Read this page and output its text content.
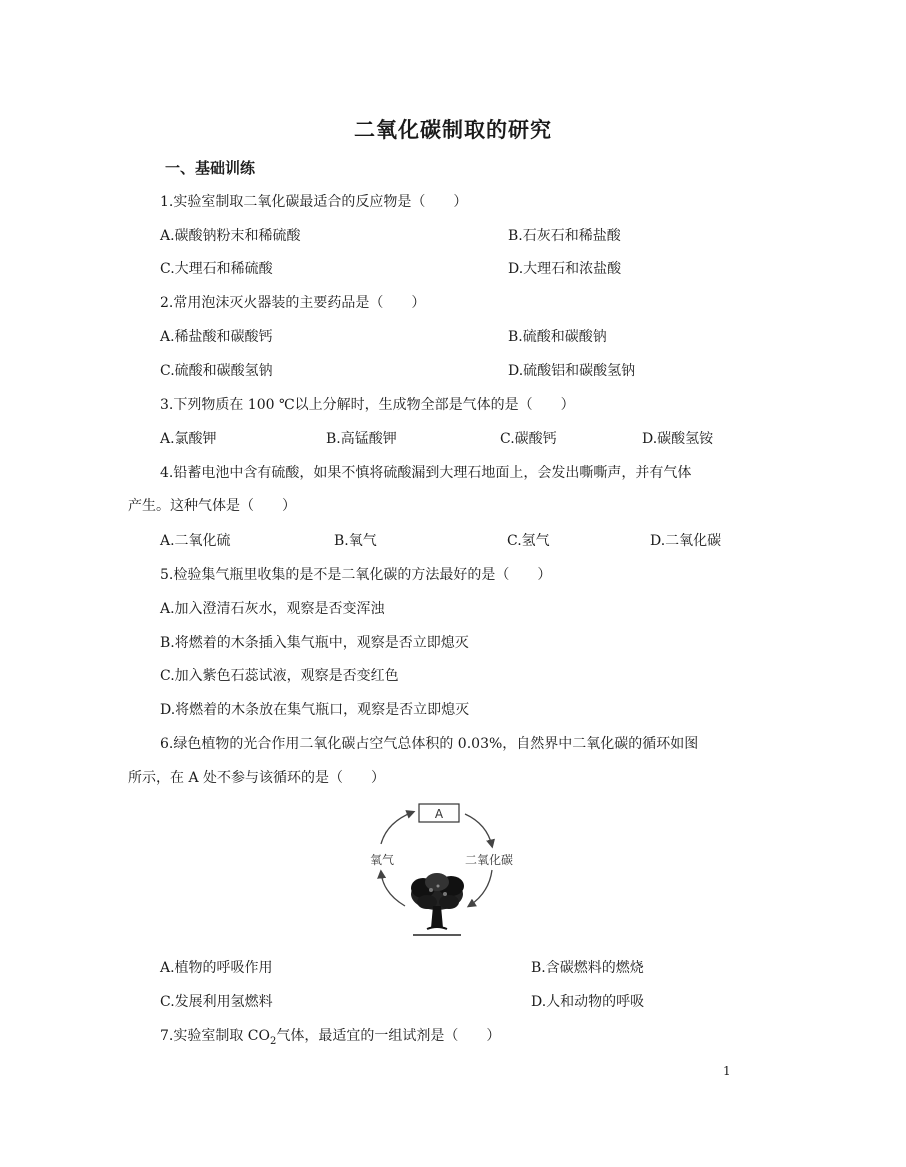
二氧化碳制取的研究
一、基础训练
1.实验室制取二氧化碳最适合的反应物是（　　）
A.碳酸钠粉末和稀硫酸	B.石灰石和稀盐酸
C.大理石和稀硫酸	D.大理石和浓盐酸
2.常用泡沫灭火器装的主要药品是（　　）
A.稀盐酸和碳酸钙	B.硫酸和碳酸钠
C.硫酸和碳酸氢钠	D.硫酸铝和碳酸氢钠
3.下列物质在 100 ℃以上分解时，生成物全部是气体的是（　　）
A.氯酸钾	B.高锰酸钾	C.碳酸钙	D.碳酸氢铵
4.铅蓄电池中含有硫酸，如果不慎将硫酸漏到大理石地面上，会发出嘶嘶声，并有气体
产生。这种气体是（　　）
A.二氧化硫	B.氧气	C.氢气	D.二氧化碳
5.检验集气瓶里收集的是不是二氧化碳的方法最好的是（　　）
A.加入澄清石灰水，观察是否变浑浊
B.将燃着的木条插入集气瓶中，观察是否立即熄灭
C.加入紫色石蕊试液，观察是否变红色
D.将燃着的木条放在集气瓶口，观察是否立即熄灭
6.绿色植物的光合作用二氧化碳占空气总体积的 0.03%，自然界中二氧化碳的循环如图
所示，在 A 处不参与该循环的是（　　）
A
氧气	二氧化碳
A.植物的呼吸作用	B.含碳燃料的燃烧
C.发展利用氢燃料	D.人和动物的呼吸
7.实验室制取 $CO_2$气体，最适宜的一组试剂是（　　）
1
